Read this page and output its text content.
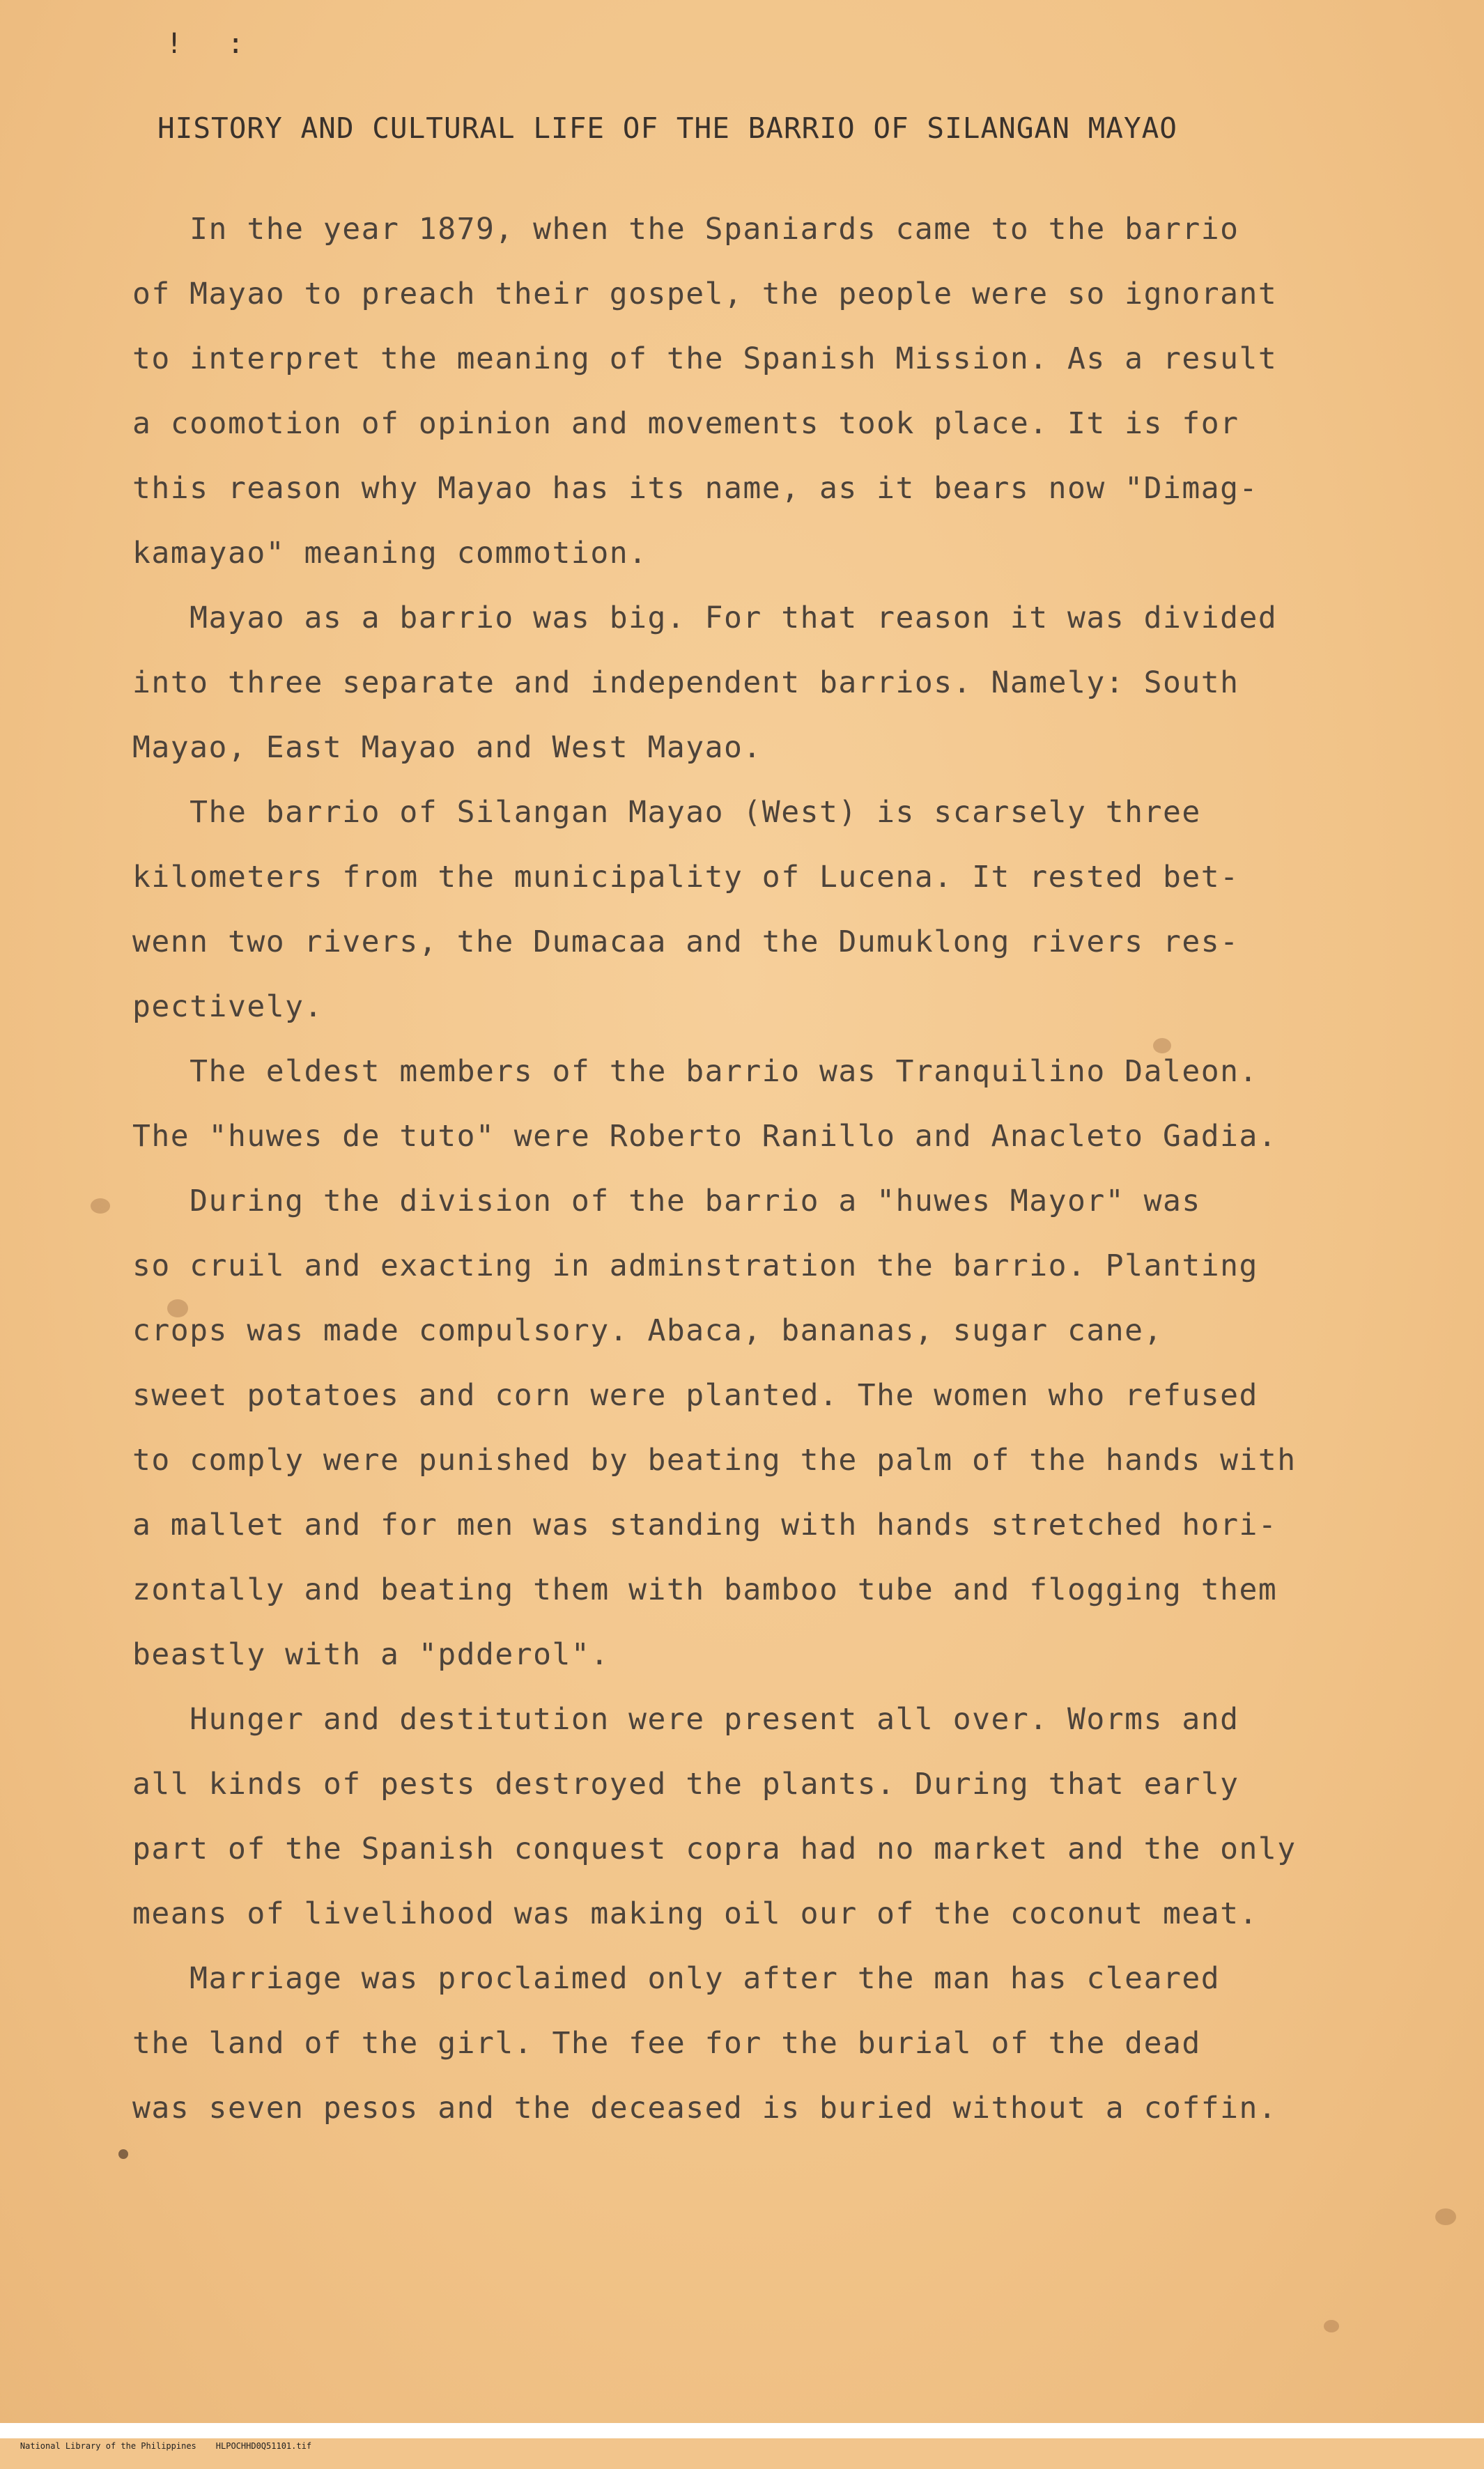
! :
HISTORY AND CULTURAL LIFE OF THE BARRIO OF SILANGAN MAYAO
In the year 1879, when the Spaniards came to the barrio
of Mayao to preach their gospel, the people were so ignorant
to interpret the meaning of the Spanish Mission. As a result
a coomotion of opinion and movements took place. It is for
this reason why Mayao has its name, as it bears now "Dimag-
kamayao" meaning commotion.
Mayao as a barrio was big. For that reason it was divided
into three separate and independent barrios. Namely: South
Mayao, East Mayao and West Mayao.
The barrio of Silangan Mayao (West) is scarsely three
kilometers from the municipality of Lucena. It rested bet-
wenn two rivers, the Dumacaa and the Dumuklong rivers res-
pectively.
The eldest members of the barrio was Tranquilino Daleon.
The "huwes de tuto" were Roberto Ranillo and Anacleto Gadia.
During the division of the barrio a "huwes Mayor" was
so cruil and exacting in adminstration the barrio. Planting
crops was made compulsory. Abaca, bananas, sugar cane,
sweet potatoes and corn were planted. The women who refused
to comply were punished by beating the palm of the hands with
a mallet and for men was standing with hands stretched hori-
zontally and beating them with bamboo tube and flogging them
beastly with a "pdderol".
Hunger and destitution were present all over. Worms and
all kinds of pests destroyed the plants. During that early
part of the Spanish conquest copra had no market and the only
means of livelihood was making oil our of the coconut meat.
Marriage was proclaimed only after the man has cleared
the land of the girl. The fee for the burial of the dead
was seven pesos and the deceased is buried without a coffin.

National Library of the Philippines HLPOCHHD0Q51101.tif
